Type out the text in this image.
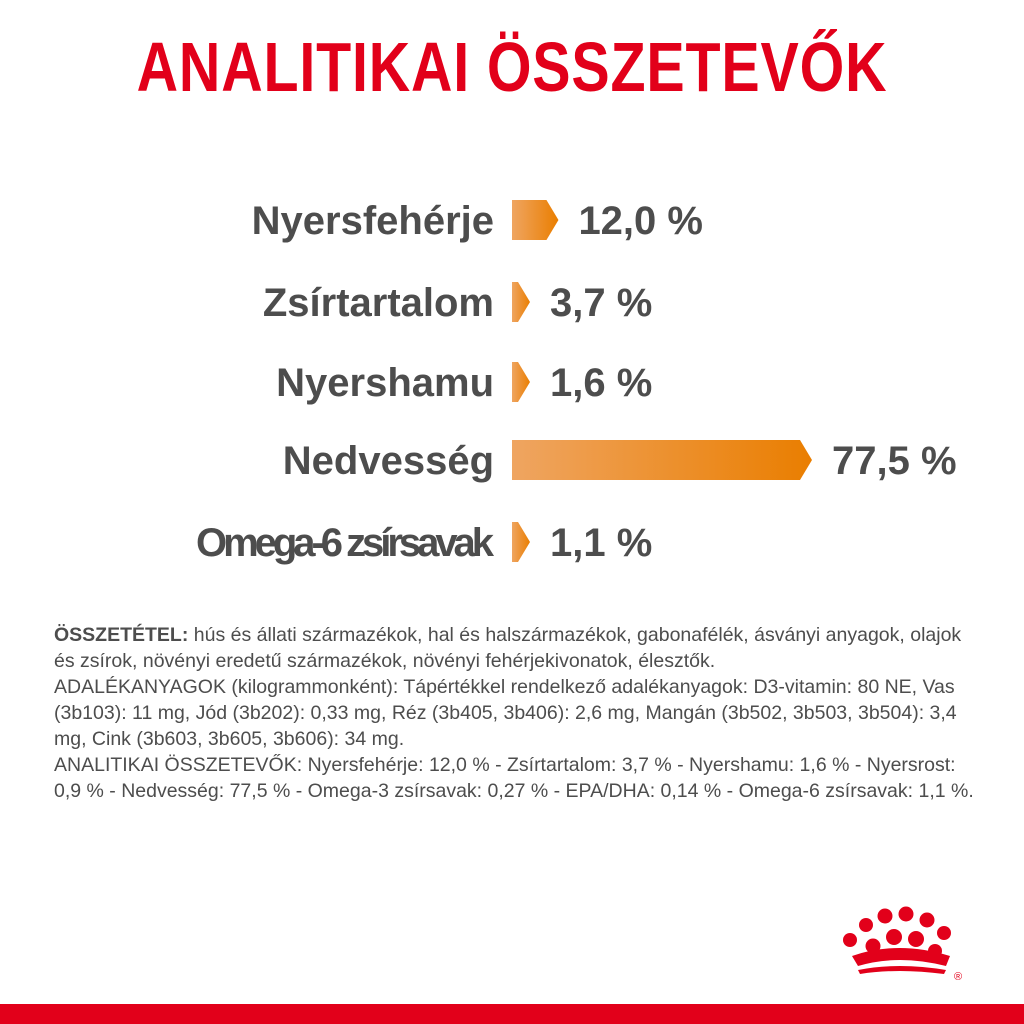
ANALITIKAI ÖSSZETEVŐK
Nyersfehérje 12,0 %
Zsírtartalom 3,7 %
Nyershamu 1,6 %
Nedvesség	77,5 %
Omega-6 zsírsavak 1,1 %

ÖSSZETÉTEL: hús és állati származékok, hal és halszármazékok, gabonafélék, ásványi anyagok, olajok és zsírok, növényi eredetű származékok, növényi fehérjekivonatok, élesztők.

ADALÉKANYAGOK (kilogrammonként): Tápértékkel rendelkező adalékanyagok: D3-vitamin: 80 NE, Vas (3b103): 11 mg, Jód (3b202): 0,33 mg, Réz (3b405, 3b406): 2,6 mg, Mangán (3b502, 3b503, 3b504): 3,4 mg, Cink (3b603, 3b605, 3b606): 34 mg.

ANALITIKAI ÖSSZETEVŐK: Nyersfehérje: 12,0 % - Zsírtartalom: 3,7 % - Nyershamu: 1,6 % - Nyersrost: 0,9 % - Nedvesség: 77,5 % - Omega-3 zsírsavak: 0,27 % - EPA/DHA: 0,14 % - Omega-6 zsírsavak: 1,1 %.

®
